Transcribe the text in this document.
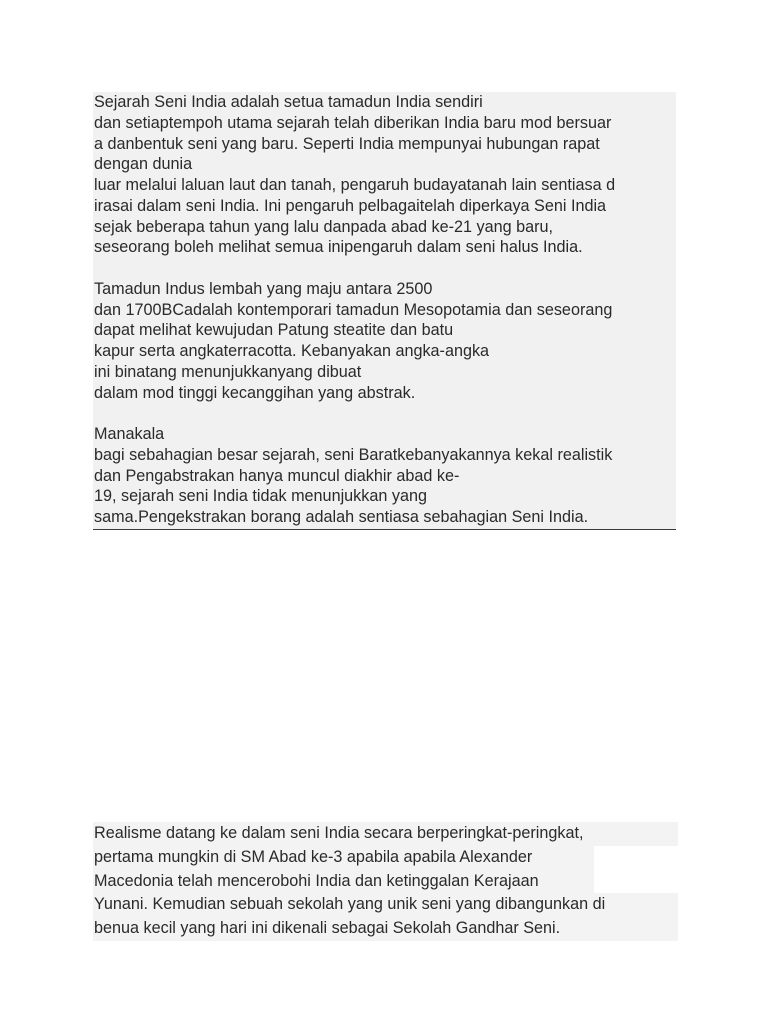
Sejarah Seni India adalah setua tamadun India sendiri
dan setiaptempoh utama sejarah telah diberikan India baru mod bersuar
a danbentuk seni yang baru. Seperti India mempunyai hubungan rapat
dengan dunia
luar melalui laluan laut dan tanah, pengaruh budayatanah lain sentiasa d
irasai dalam seni India. Ini pengaruh pelbagaitelah diperkaya Seni India
sejak beberapa tahun yang lalu danpada abad ke-21 yang baru,
seseorang boleh melihat semua inipengaruh dalam seni halus India.
Tamadun Indus lembah yang maju antara 2500
dan 1700BCadalah kontemporari tamadun Mesopotamia dan seseorang
dapat melihat kewujudan Patung steatite dan batu
kapur serta angkaterracotta. Kebanyakan angka-angka
ini binatang menunjukkanyang dibuat
dalam mod tinggi kecanggihan yang abstrak.
Manakala
bagi sebahagian besar sejarah, seni Baratkebanyakannya kekal realistik
dan Pengabstrakan hanya muncul diakhir abad ke-
19, sejarah seni India tidak menunjukkan yang
sama.Pengekstrakan borang adalah sentiasa sebahagian Seni India.
Realisme datang ke dalam seni India secara berperingkat-peringkat,
pertama mungkin di SM Abad ke-3 apabila apabila Alexander
Macedonia telah mencerobohi India dan ketinggalan Kerajaan
Yunani. Kemudian sebuah sekolah yang unik seni yang dibangunkan di
benua kecil yang hari ini dikenali sebagai Sekolah Gandhar Seni.
